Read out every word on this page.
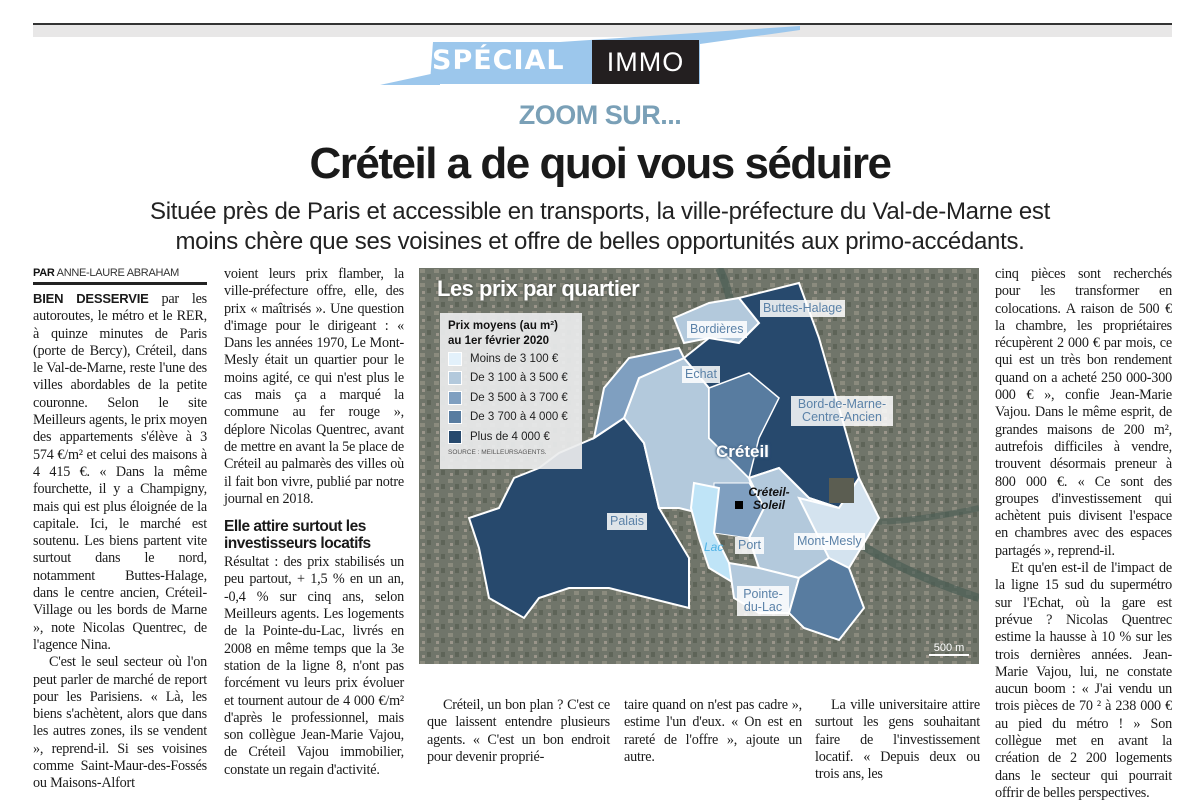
SPÉCIAL	IMMO
ZOOM SUR...
Créteil a de quoi vous séduire
Située près de Paris et accessible en transports, la ville-préfecture du Val-de-Marne est
moins chère que ses voisines et offre de belles opportunités aux primo-accédants.
PAR ANNE-LAURE ABRAHAM

BIEN DESSERVIE par les autoroutes, le métro et le RER, à quinze minutes de Paris (porte de Bercy), Créteil, dans le Val-de-Marne, reste l'une des villes abordables de la petite couronne. Selon le site Meilleurs agents, le prix moyen des appartements s'élève à 3 574 €/m² et celui des maisons à 4 415 €. « Dans la même fourchette, il y a Champigny, mais qui est plus éloignée de la capitale. Ici, le marché est soutenu. Les biens partent vite surtout dans le nord, notamment Buttes-Halage, dans le centre ancien, Créteil-Village ou les bords de Marne », note Nicolas Quentrec, de l'agence Nina.

C'est le seul secteur où l'on peut parler de marché de report pour les Parisiens. « Là, les biens s'achètent, alors que dans les autres zones, ils se vendent », reprend-il. Si ses voisines comme Saint-Maur-des-Fossés ou Maisons-Alfort

voient leurs prix flamber, la ville-préfecture offre, elle, des prix « maîtrisés ». Une question d'image pour le dirigeant : « Dans les années 1970, Le Mont-Mesly était un quartier pour le moins agité, ce qui n'est plus le cas mais ça a marqué la commune au fer rouge », déplore Nicolas Quentrec, avant de mettre en avant la 5e place de Créteil au palmarès des villes où il fait bon vivre, publié par notre journal en 2018.

Elle attire surtout les investisseurs locatifs

Résultat : des prix stabilisés un peu partout, + 1,5 % en un an, -0,4 % sur cinq ans, selon Meilleurs agents. Les logements de la Pointe-du-Lac, livrés en 2008 en même temps que la 3e station de la ligne 8, n'ont pas forcément vu leurs prix évoluer et tournent autour de 4 000 €/m² d'après le professionnel, mais son collègue Jean-Marie Vajou, de Créteil Vajou immobilier, constate un regain d'activité.

Les prix par quartier
Prix moyens (au m²)
au 1er février 2020
Moins de 3 100 €
De 3 100 à 3 500 €
De 3 500 à 3 700 €
De 3 700 à 4 000 €
Plus de 4 000 €
SOURCE : MEILLEURSAGENTS.
Buttes-Halage
Bordières
Echat
Bord-de-Marne-Centre-Ancien
Palais
Port	Mont-Mesly
Pointe-du-Lac
Créteil
Créteil-Soleil
Lac
500 m

Créteil, un bon plan ? C'est ce que laissent entendre plusieurs agents. « C'est un bon endroit pour devenir proprié-

taire quand on n'est pas cadre », estime l'un d'eux. « On est en rareté de l'offre », ajoute un autre.

La ville universitaire attire surtout les gens souhaitant faire de l'investissement locatif. « Depuis deux ou trois ans, les

cinq pièces sont recherchés pour les transformer en colocations. A raison de 500 € la chambre, les propriétaires récupèrent 2 000 € par mois, ce qui est un très bon rendement quand on a acheté 250 000-300 000 € », confie Jean-Marie Vajou. Dans le même esprit, de grandes maisons de 200 m², autrefois difficiles à vendre, trouvent désormais preneur à 800 000 €. « Ce sont des groupes d'investissement qui achètent puis divisent l'espace en chambres avec des espaces partagés », reprend-il.

Et qu'en est-il de l'impact de la ligne 15 sud du supermétro sur l'Echat, où la gare est prévue ? Nicolas Quentrec estime la hausse à 10 % sur les trois dernières années. Jean-Marie Vajou, lui, ne constate aucun boom : « J'ai vendu un trois pièces de 70 ² à 238 000 € au pied du métro ! » Son collègue met en avant la création de 2 200 logements dans le secteur qui pourrait offrir de belles perspectives.
